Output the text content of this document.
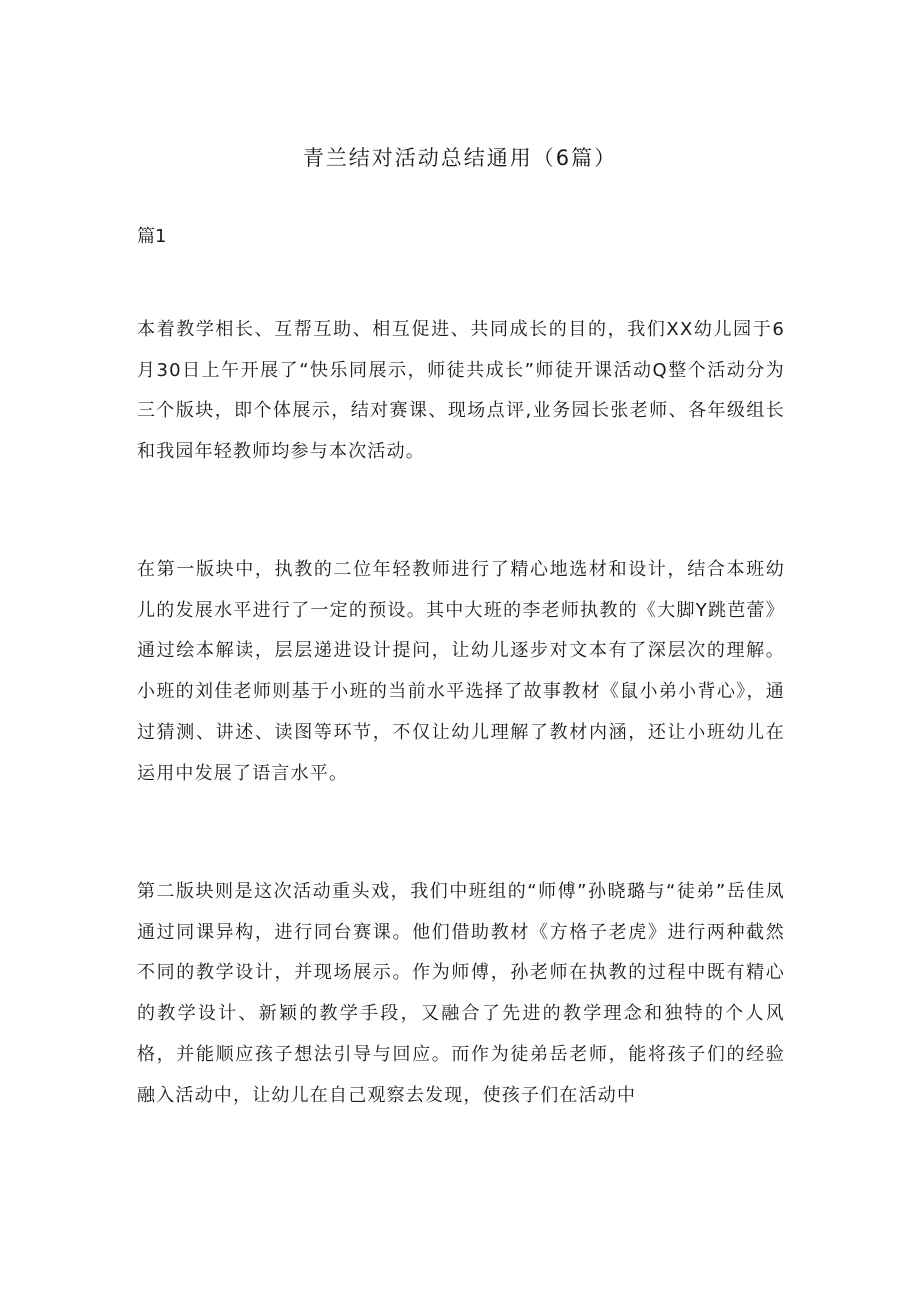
青兰结对活动总结通用（6篇）

篇1

本着教学相长、互帮互助、相互促进、共同成长的目的，我们XX幼儿园于6月30日上午开展了“快乐同展示，师徒共成长”师徒开课活动Q整个活动分为三个版块，即个体展示，结对赛课、现场点评,业务园长张老师、各年级组长和我园年轻教师均参与本次活动。

在第一版块中，执教的二位年轻教师进行了精心地选材和设计，结合本班幼儿的发展水平进行了一定的预设。其中大班的李老师执教的《大脚Y跳芭蕾》通过绘本解读，层层递进设计提问，让幼儿逐步对文本有了深层次的理解。小班的刘佳老师则基于小班的当前水平选择了故事教材《鼠小弟小背心》，通过猜测、讲述、读图等环节，不仅让幼儿理解了教材内涵，还让小班幼儿在运用中发展了语言水平。

第二版块则是这次活动重头戏，我们中班组的“师傅”孙晓璐与“徒弟”岳佳凤通过同课异构，进行同台赛课。他们借助教材《方格子老虎》进行两种截然不同的教学设计，并现场展示。作为师傅，孙老师在执教的过程中既有精心的教学设计、新颖的教学手段，又融合了先进的教学理念和独特的个人风格，并能顺应孩子想法引导与回应。而作为徒弟岳老师，能将孩子们的经验融入活动中，让幼儿在自己观察去发现，使孩子们在活动中
